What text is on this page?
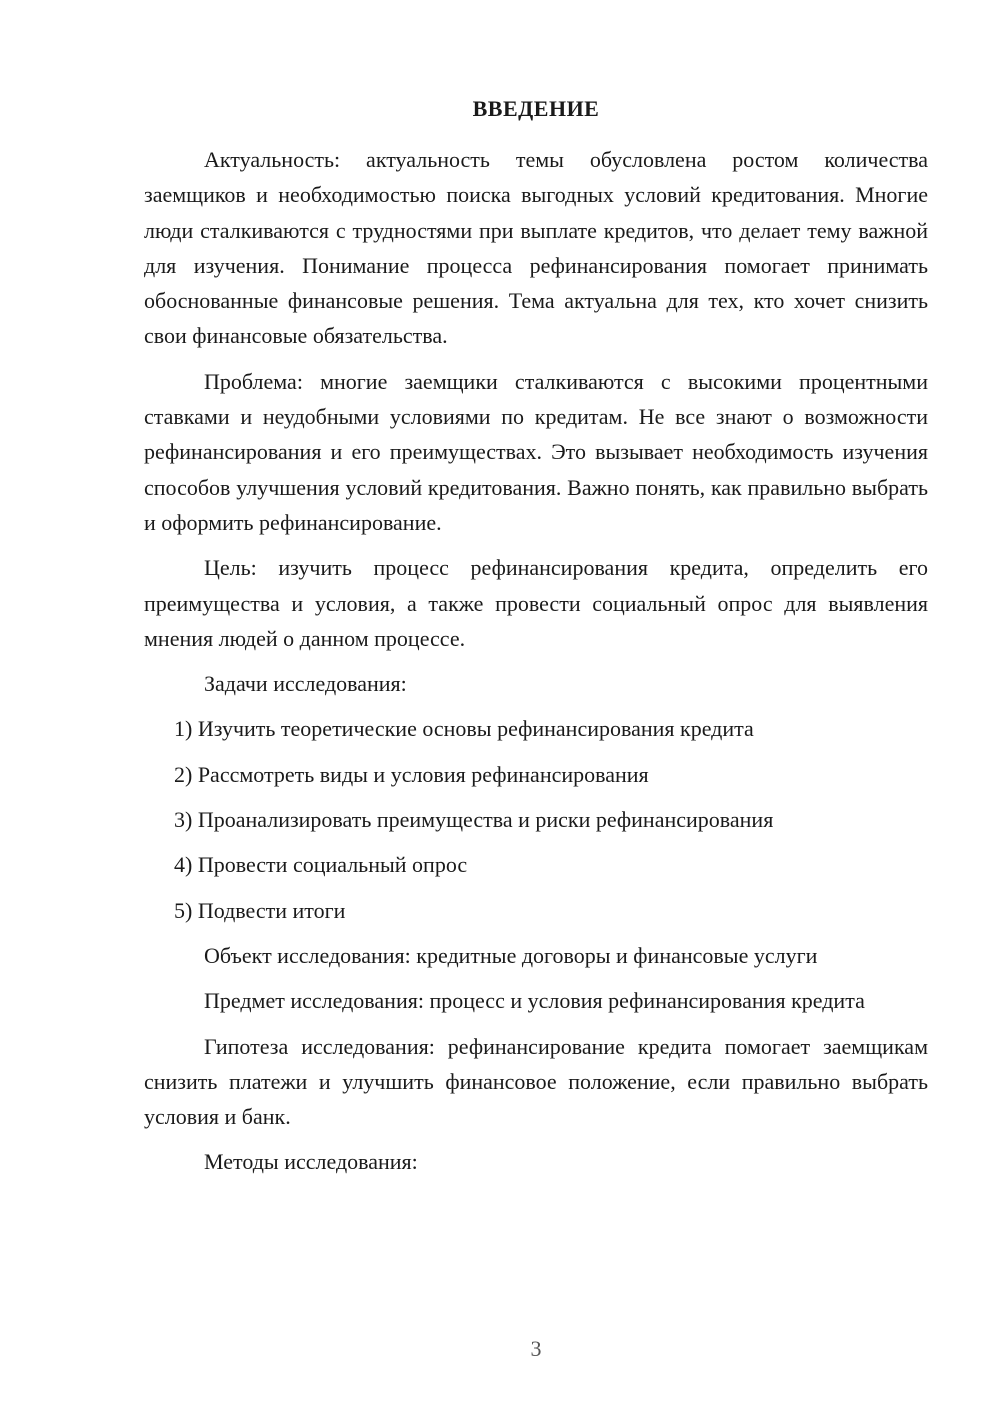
ВВЕДЕНИЕ

Актуальность: актуальность темы обусловлена ростом количества заемщиков и необходимостью поиска выгодных условий кредитования. Многие люди сталкиваются с трудностями при выплате кредитов, что делает тему важной для изучения. Понимание процесса рефинансирования помогает принимать обоснованные финансовые решения. Тема актуальна для тех, кто хочет снизить свои финансовые обязательства.

Проблема: многие заемщики сталкиваются с высокими процентными ставками и неудобными условиями по кредитам. Не все знают о возможности рефинансирования и его преимуществах. Это вызывает необходимость изучения способов улучшения условий кредитования. Важно понять, как правильно выбрать и оформить рефинансирование.

Цель: изучить процесс рефинансирования кредита, определить его преимущества и условия, а также провести социальный опрос для выявления мнения людей о данном процессе.

Задачи исследования:

1) Изучить теоретические основы рефинансирования кредита

2) Рассмотреть виды и условия рефинансирования

3) Проанализировать преимущества и риски рефинансирования

4) Провести социальный опрос

5) Подвести итоги

Объект исследования: кредитные договоры и финансовые услуги

Предмет исследования: процесс и условия рефинансирования кредита

Гипотеза исследования: рефинансирование кредита помогает заемщикам снизить платежи и улучшить финансовое положение, если правильно выбрать условия и банк.

Методы исследования:

3
